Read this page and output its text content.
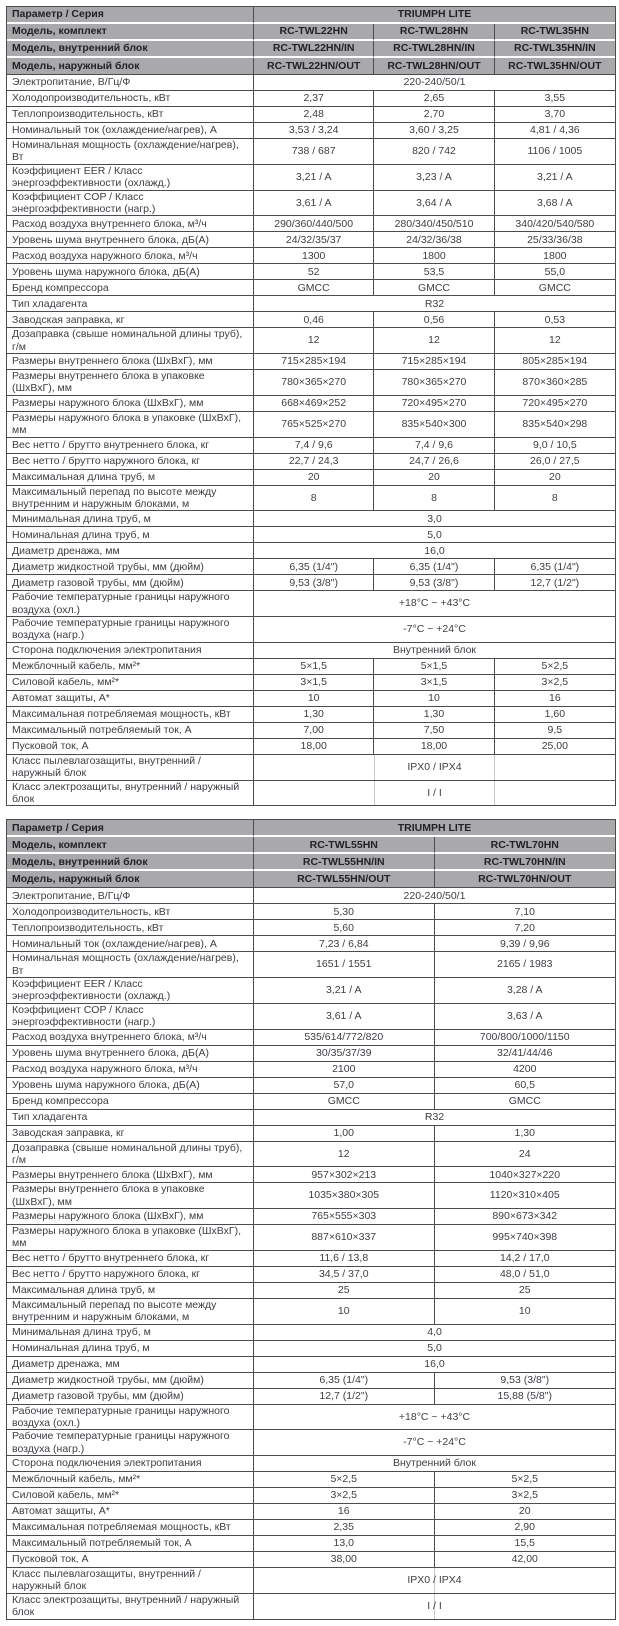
Параметр / Серия	TRIUMPH LITE		
Модель, комплект	RC-TWL22HN	RC-TWL28HN	RC-TWL35HN
Модель, внутренний блок	RC-TWL22HN/IN	RC-TWL28HN/IN	RC-TWL35HN/IN
Модель, наружный блок	RC-TWL22HN/OUT	RC-TWL28HN/OUT	RC-TWL35HN/OUT
Электропитание, В/Гц/Ф	220-240/50/1		
Холодопроизводительность, кВт	2,37	2,65	3,55
Теплопроизводительность, кВт	2,48	2,70	3,70
Номинальный ток (охлаждение/нагрев), А	3,53 / 3,24	3,60 / 3,25	4,81 / 4,36
Номинальная мощность (охлаждение/нагрев), Вт	738 / 687	820 / 742	1106 / 1005
Коэффициент EER / Класс энергоэффективности (охлажд.)	3,21 / A	3,23 / A	3,21 / A
Коэффициент COP / Класс энергоэффективности (нагр.)	3,61 / A	3,64 / A	3,68 / A
Расход воздуха внутреннего блока, м³/ч	290/360/440/500	280/340/450/510	340/420/540/580
Уровень шума внутреннего блока, дБ(А)	24/32/35/37	24/32/36/38	25/33/36/38
Расход воздуха наружного блока, м³/ч	1300	1800	1800
Уровень шума наружного блока, дБ(А)	52	53,5	55,0
Бренд компрессора	GMCC	GMCC	GMCC
Тип хладагента	R32		
Заводская заправка, кг	0,46	0,56	0,53
Дозаправка (свыше номинальной длины труб), г/м	12	12	12
Размеры внутреннего блока (ШхВхГ), мм	715×285×194	715×285×194	805×285×194
Размеры внутреннего блока в упаковке (ШхВхГ), мм	780×365×270	780×365×270	870×360×285
Размеры наружного блока (ШхВхГ), мм	668×469×252	720×495×270	720×495×270
Размеры наружного блока в упаковке (ШхВхГ), мм	765×525×270	835×540×300	835×540×298
Вес нетто / брутто внутреннего блока, кг	7,4 / 9,6	7,4 / 9,6	9,0 / 10,5
Вес нетто / брутто наружного блока, кг	22,7 / 24,3	24,7 / 26,6	26,0 / 27,5
Максимальная длина труб, м	20	20	20
Максимальный перепад по высоте между внутренним и наружным блоками, м	8	8	8
Минимальная длина труб, м	3,0		
Номинальная длина труб, м	5,0		
Диаметр дренажа, мм	16,0		
Диаметр жидкостной трубы, мм (дюйм)	6,35 (1/4")	6,35 (1/4")	6,35 (1/4")
Диаметр газовой трубы, мм (дюйм)	9,53 (3/8")	9,53 (3/8")	12,7 (1/2")
Рабочие температурные границы наружного воздуха (охл.)	+18°C ~ +43°C		
Рабочие температурные границы наружного воздуха (нагр.)	-7°C ~ +24°C		
Сторона подключения электропитания	Внутренний блок		
Межблочный кабель, мм²*	5×1,5	5×1,5	5×2,5
Силовой кабель, мм²*	3×1,5	3×1,5	3×2,5
Автомат защиты, А*	10	10	16
Максимальная потребляемая мощность, кВт	1,30	1,30	1,60
Максимальный потребляемый ток, А	7,00	7,50	9,5
Пусковой ток, А	18,00	18,00	25,00
Класс пылевлагозащиты, внутренний / наружный блок	IPX0 / IPX4		
Класс электрозащиты, внутренний / наружный блок	I / I		
Параметр / Серия	TRIUMPH LITE	
Модель, комплект	RC-TWL55HN	RC-TWL70HN
Модель, внутренний блок	RC-TWL55HN/IN	RC-TWL70HN/IN
Модель, наружный блок	RC-TWL55HN/OUT	RC-TWL70HN/OUT
Электропитание, В/Гц/Ф	220-240/50/1	
Холодопроизводительность, кВт	5,30	7,10
Теплопроизводительность, кВт	5,60	7,20
Номинальный ток (охлаждение/нагрев), А	7,23 / 6,84	9,39 / 9,96
Номинальная мощность (охлаждение/нагрев), Вт	1651 / 1551	2165 / 1983
Коэффициент EER / Класс энергоэффективности (охлажд.)	3,21 / A	3,28 / A
Коэффициент COP / Класс энергоэффективности (нагр.)	3,61 / A	3,63 / A
Расход воздуха внутреннего блока, м³/ч	535/614/772/820	700/800/1000/1150
Уровень шума внутреннего блока, дБ(А)	30/35/37/39	32/41/44/46
Расход воздуха наружного блока, м³/ч	2100	4200
Уровень шума наружного блока, дБ(А)	57,0	60,5
Бренд компрессора	GMCC	GMCC
Тип хладагента	R32	
Заводская заправка, кг	1,00	1,30
Дозаправка (свыше номинальной длины труб), г/м	12	24
Размеры внутреннего блока (ШхВхГ), мм	957×302×213	1040×327×220
Размеры внутреннего блока в упаковке (ШхВхГ), мм	1035×380×305	1120×310×405
Размеры наружного блока (ШхВхГ), мм	765×555×303	890×673×342
Размеры наружного блока в упаковке (ШхВхГ), мм	887×610×337	995×740×398
Вес нетто / брутто внутреннего блока, кг	11,6 / 13,8	14,2 / 17,0
Вес нетто / брутто наружного блока, кг	34,5 / 37,0	48,0 / 51,0
Максимальная длина труб, м	25	25
Максимальный перепад по высоте между внутренним и наружным блоками, м	10	10
Минимальная длина труб, м	4,0	
Номинальная длина труб, м	5,0	
Диаметр дренажа, мм	16,0	
Диаметр жидкостной трубы, мм (дюйм)	6,35 (1/4")	9,53 (3/8")
Диаметр газовой трубы, мм (дюйм)	12,7 (1/2")	15,88 (5/8")
Рабочие температурные границы наружного воздуха (охл.)	+18°C ~ +43°C	
Рабочие температурные границы наружного воздуха (нагр.)	-7°C ~ +24°C	
Сторона подключения электропитания	Внутренний блок	
Межблочный кабель, мм²*	5×2,5	5×2,5
Силовой кабель, мм²*	3×2,5	3×2,5
Автомат защиты, А*	16	20
Максимальная потребляемая мощность, кВт	2,35	2,90
Максимальный потребляемый ток, А	13,0	15,5
Пусковой ток, А	38,00	42,00
Класс пылевлагозащиты, внутренний / наружный блок	IPX0 / IPX4	
Класс электрозащиты, внутренний / наружный блок	I / I	
